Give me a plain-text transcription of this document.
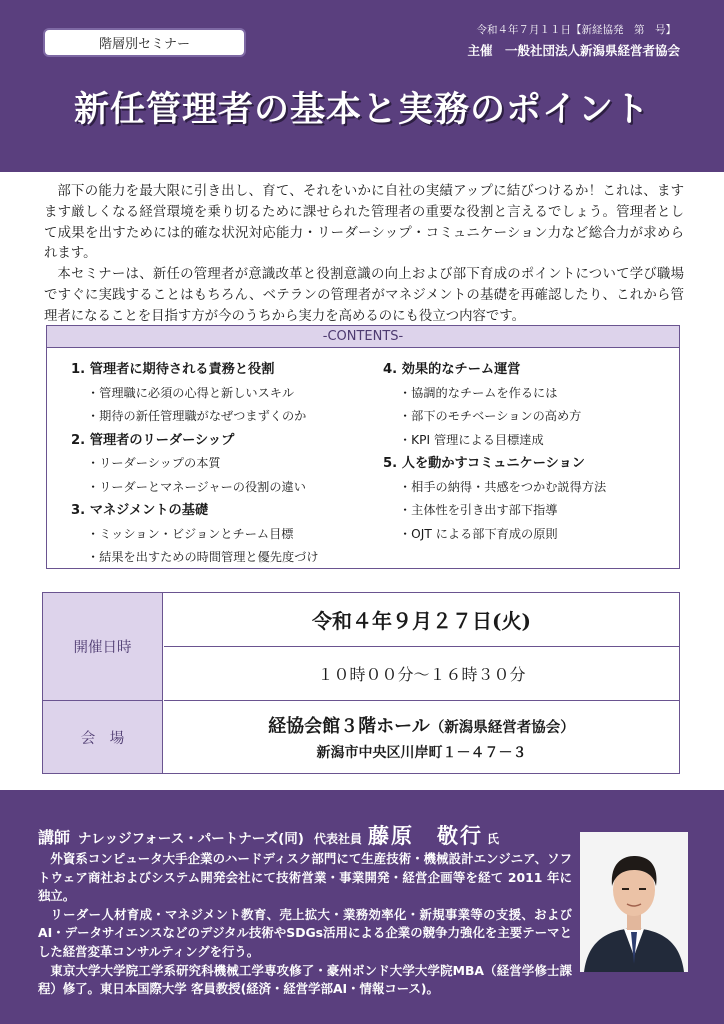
階層別セミナー
令和４年７月１１日【新経協発　第　号】
主催　一般社団法人新潟県経営者協会
新任管理者の基本と実務のポイント

部下の能力を最大限に引き出し、育て、それをいかに自社の実績アップに結びつけるか！これは、ますます厳しくなる経営環境を乗り切るために課せられた管理者の重要な役割と言えるでしょう。管理者として成果を出すためには的確な状況対応能力・リーダーシップ・コミュニケーション力など総合力が求められます。

本セミナーは、新任の管理者が意識改革と役割意識の向上および部下育成のポイントについて学び職場ですぐに実践することはもちろん、ベテランの管理者がマネジメントの基礎を再確認したり、これから管理者になることを目指す方が今のうちから実力を高めるのにも役立つ内容です。

-CONTENTS-
1. 管理者に期待される責務と役割
・管理職に必須の心得と新しいスキル
・期待の新任管理職がなぜつまずくのか
2. 管理者のリーダーシップ
・リーダーシップの本質
・リーダーとマネージャーの役割の違い
3. マネジメントの基礎
・ミッション・ビジョンとチーム目標
・結果を出すための時間管理と優先度づけ
4. 効果的なチーム運営
・協調的なチームを作るには
・部下のモチベーションの高め方
・KPI 管理による目標達成
5. 人を動かすコミュニケーション
・相手の納得・共感をつかむ説得方法
・主体性を引き出す部下指導
・OJT による部下育成の原則
開催日時
令和４年９月２７日(火)
１０時００分～１６時３０分
会　場
経協会館３階ホール（新潟県経営者協会）
新潟市中央区川岸町１－４７－３
講師 ナレッジフォース・パートナーズ(同) 代表社員 藤原　敬行 氏

外資系コンピュータ大手企業のハードディスク部門にて生産技術・機械設計エンジニア、ソフトウェア商社およびシステム開発会社にて技術営業・事業開発・経営企画等を経て 2011 年に独立。

リーダー人材育成・マネジメント教育、売上拡大・業務効率化・新規事業等の支援、およびAI・データサイエンスなどのデジタル技術やSDGs活用による企業の競争力強化を主要テーマとした経営変革コンサルティングを行う。

東京大学大学院工学系研究科機械工学専攻修了・豪州ボンド大学大学院MBA（経営学修士課程）修了。東日本国際大学 客員教授(経済・経営学部AI・情報コース)。
